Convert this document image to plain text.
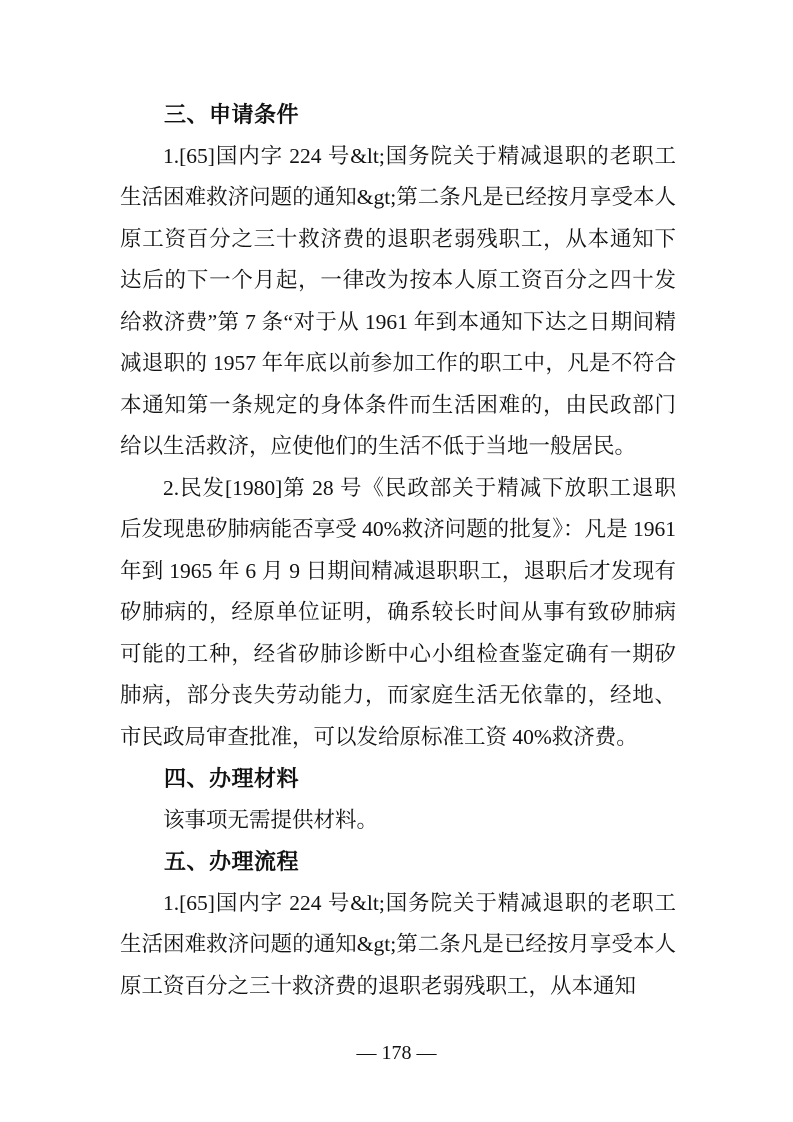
三、申请条件

1.[65]国内字 224 号&lt;国务院关于精减退职的老职工生活困难救济问题的通知&gt;第二条凡是已经按月享受本人原工资百分之三十救济费的退职老弱残职工，从本通知下达后的下一个月起，一律改为按本人原工资百分之四十发给救济费”第 7 条“对于从 1961 年到本通知下达之日期间精减退职的 1957 年年底以前参加工作的职工中，凡是不符合本通知第一条规定的身体条件而生活困难的，由民政部门给以生活救济，应使他们的生活不低于当地一般居民。

2.民发[1980]第 28 号《民政部关于精减下放职工退职后发现患矽肺病能否享受 40%救济问题的批复》：凡是 1961 年到 1965 年 6 月 9 日期间精减退职职工，退职后才发现有矽肺病的，经原单位证明，确系较长时间从事有致矽肺病可能的工种，经省矽肺诊断中心小组检查鉴定确有一期矽肺病，部分丧失劳动能力，而家庭生活无依靠的，经地、市民政局审查批准，可以发给原标准工资 40%救济费。

四、办理材料

该事项无需提供材料。

五、办理流程

1.[65]国内字 224 号&lt;国务院关于精减退职的老职工生活困难救济问题的通知&gt;第二条凡是已经按月享受本人原工资百分之三十救济费的退职老弱残职工，从本通知

— 178 —
